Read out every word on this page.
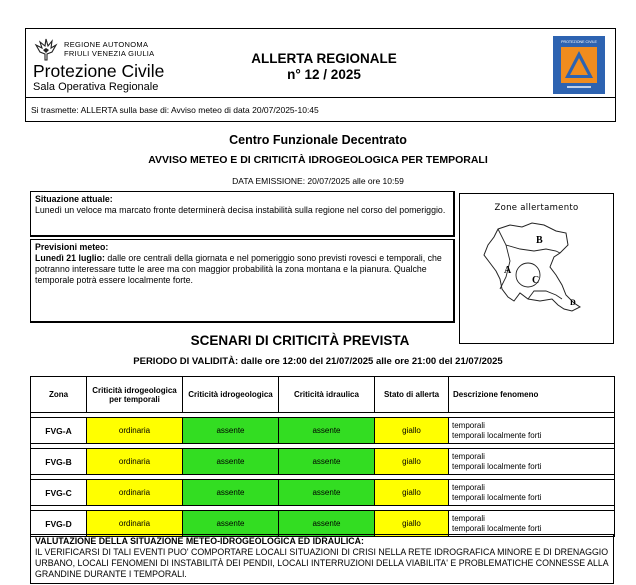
REGIONE AUTONOMA
FRIULI VENEZIA GIULIA
Protezione Civile
Sala Operativa Regionale
ALLERTA REGIONALE
n° 12 / 2025
PROTEZIONE CIVILE
Si trasmette: ALLERTA sulla base di: Avviso meteo di data 20/07/2025-10:45
Centro Funzionale Decentrato
AVVISO METEO E DI CRITICITÀ IDROGEOLOGICA PER TEMPORALI
DATA EMISSIONE: 20/07/2025 alle ore 10:59
Situazione attuale:
Lunedì un veloce ma marcato fronte determinerà decisa instabilità sulla regione nel corso del pomeriggio.
Previsioni meteo:
Lunedì 21 luglio: dalle ore centrali della giornata e nel pomeriggio sono previsti rovesci e temporali, che potranno interessare tutte le aree ma con maggior probabilità la zona montana e la pianura. Qualche temporale potrà essere localmente forte.
Zone allertamento
A
B
C
D
SCENARI DI CRITICITÀ PREVISTA
PERIODO DI VALIDITÀ: dalle ore 12:00 del 21/07/2025 alle ore 21:00 del 21/07/2025
Zona	Criticità idrogeologica per temporali	Criticità idrogeologica	Criticità idraulica	Stato di allerta	Descrizione fenomeno

FVG-A	ordinaria	assente	assente	giallo	temporali
temporali localmente forti

FVG-B	ordinaria	assente	assente	giallo	temporali
temporali localmente forti

FVG-C	ordinaria	assente	assente	giallo	temporali
temporali localmente forti

FVG-D	ordinaria	assente	assente	giallo	temporali
temporali localmente forti
VALUTAZIONE DELLA SITUAZIONE METEO-IDROGEOLOGICA ED IDRAULICA:
IL VERIFICARSI DI TALI EVENTI PUO' COMPORTARE LOCALI SITUAZIONI DI CRISI NELLA RETE IDROGRAFICA MINORE E DI DRENAGGIO URBANO, LOCALI FENOMENI DI INSTABILITÀ DEI PENDII, LOCALI INTERRUZIONI DELLA VIABILITA' E PROBLEMATICHE CONNESSE ALLA GRANDINE DURANTE I TEMPORALI.
